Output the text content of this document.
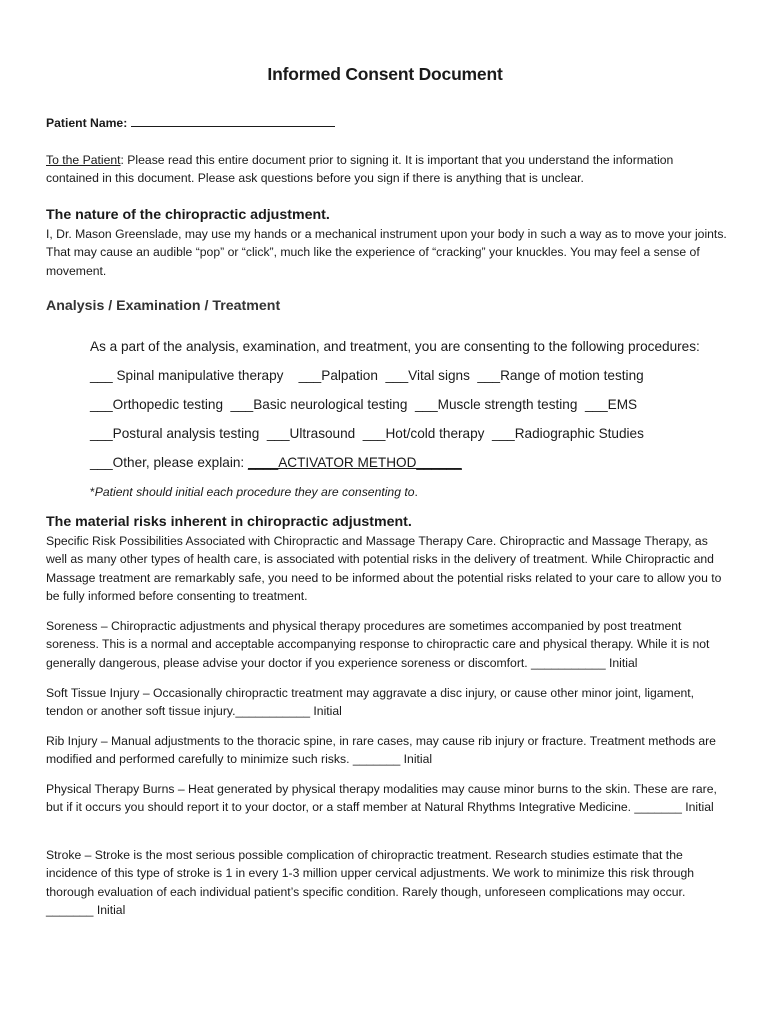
Informed Consent Document

Patient Name:

To the Patient: Please read this entire document prior to signing it. It is important that you understand the information contained in this document. Please ask questions before you sign if there is anything that is unclear.

The nature of the chiropractic adjustment.

I, Dr. Mason Greenslade, may use my hands or a mechanical instrument upon your body in such a way as to move your joints. That may cause an audible “pop” or “click”, much like the experience of “cracking” your knuckles. You may feel a sense of movement.

Analysis / Examination / Treatment

As a part of the analysis, examination, and treatment, you are consenting to the following procedures:

___ Spinal manipulative therapy    ___Palpation  ___Vital signs  ___Range of motion testing

___Orthopedic testing  ___Basic neurological testing  ___Muscle strength testing  ___EMS

___Postural analysis testing  ___Ultrasound  ___Hot/cold therapy  ___Radiographic Studies

___Other, please explain: ____ACTIVATOR METHOD______

*Patient should initial each procedure they are consenting to.

The material risks inherent in chiropractic adjustment.

Specific Risk Possibilities Associated with Chiropractic and Massage Therapy Care. Chiropractic and Massage Therapy, as well as many other types of health care, is associated with potential risks in the delivery of treatment. While Chiropractic and Massage treatment are remarkably safe, you need to be informed about the potential risks related to your care to allow you to be fully informed before consenting to treatment.

Soreness – Chiropractic adjustments and physical therapy procedures are sometimes accompanied by post treatment soreness. This is a normal and acceptable accompanying response to chiropractic care and physical therapy. While it is not generally dangerous, please advise your doctor if you experience soreness or discomfort. ___________ Initial

Soft Tissue Injury – Occasionally chiropractic treatment may aggravate a disc injury, or cause other minor joint, ligament, tendon or another soft tissue injury.___________ Initial

Rib Injury – Manual adjustments to the thoracic spine, in rare cases, may cause rib injury or fracture. Treatment methods are modified and performed carefully to minimize such risks. _______ Initial

Physical Therapy Burns – Heat generated by physical therapy modalities may cause minor burns to the skin. These are rare, but if it occurs you should report it to your doctor, or a staff member at Natural Rhythms Integrative Medicine. _______ Initial

Stroke – Stroke is the most serious possible complication of chiropractic treatment. Research studies estimate that the incidence of this type of stroke is 1 in every 1-3 million upper cervical adjustments. We work to minimize this risk through thorough evaluation of each individual patient’s specific condition. Rarely though, unforeseen complications may occur. _______ Initial
